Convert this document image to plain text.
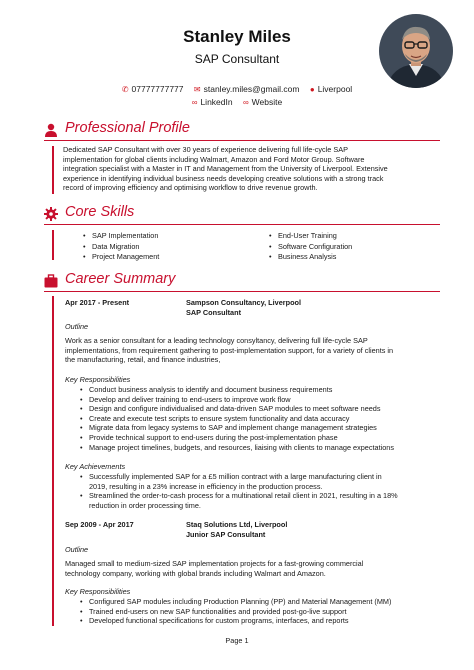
Stanley Miles
SAP Consultant
✆ 07777777777 ✉ stanley.miles@gmail.com ● Liverpool
∞ LinkedIn ∞ Website
Professional Profile
Dedicated SAP Consultant with over 30 years of experience delivering full life-cycle SAP
implementation for global clients including Walmart, Amazon and Ford Motor Group. Software
integration specialist with a Master in IT and Management from the University of Liverpool. Extensive
experience in identifying individual business needs developing creative solutions with a strong track
record of improving efficiency and optimising workflow to drive revenue growth.
Core Skills
• SAP Implementation
• Data Migration
• Project Management
• End-User Training
• Software Configuration
• Business Analysis
Career Summary
Apr 2017 - Present	Sampson Consultancy, Liverpool
SAP Consultant
Outline
Work as a senior consultant for a leading technology consyltancy, delivering full life-cycle SAP
implementations, from requirement gathering to post-implementation support, for a variety of clients in
the manufacturing, retail, and finance industries,
Key Responsibilities
• Conduct business analysis to identify and document business requirements
• Develop and deliver training to end-users to improve work flow
• Design and configure individualised and data-driven SAP modules to meet software needs
• Create and execute test scripts to ensure system functionality and data accuracy
• Migrate data from legacy systems to SAP and implement change management strategies
• Provide technical support to end-users during the post-implementation phase
• Manage project timelines, budgets, and resources, liaising with clients to manage expectations
Key Achievements
• Successfully implemented SAP for a £5 million contract with a large manufacturing client in
2019, resulting in a 23% increase in efficiency in the production process.
• Streamlined the order-to-cash process for a multinational retail client in 2021, resulting in a 18%
reduction in order processing time.
Sep 2009 - Apr 2017	Staq Solutions Ltd, Liverpool
Junior SAP Consultant
Outline
Managed small to medium-sized SAP implementation projects for a fast-growing commercial
technology company, working with global brands including Walmart and Amazon.
Key Responsibilities
• Configured SAP modules including Production Planning (PP) and Material Management (MM)
• Trained end-users on new SAP functionalities and provided post-go-live support
• Developed functional specifications for custom programs, interfaces, and reports
Page 1
